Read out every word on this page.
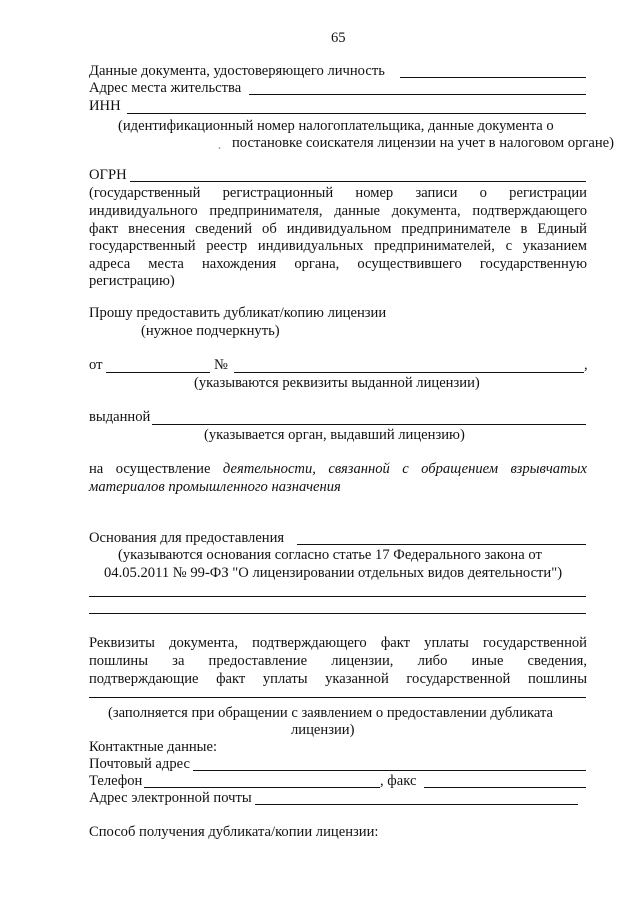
65
Данные документа, удостоверяющего личность
Адрес места жительства
ИНН
(идентификационный номер налогоплательщика, данные документа о
постановке соискателя лицензии на учет в налоговом органе)
ˎ
ОГРН
(государственный регистрационный номер записи о регистрации
индивидуального предпринимателя, данные документа, подтверждающего
факт внесения сведений об индивидуальном предпринимателе в Единый
государственный реестр индивидуальных предпринимателей, с указанием
адреса места нахождения органа, осуществившего государственную
регистрацию)
Прошу предоставить дубликат/копию лицензии
(нужное подчеркнуть)
от	№	,
(указываются реквизиты выданной лицензии)
выданной
(указывается орган, выдавший лицензию)
на осуществление деятельности, связанной с обращением взрывчатых
материалов промышленного назначения
Основания для предоставления
(указываются основания согласно статье 17 Федерального закона от
04.05.2011 № 99-ФЗ "О лицензировании отдельных видов деятельности")
Реквизиты документа, подтверждающего факт уплаты государственной
пошлины за предоставление лицензии, либо иные сведения,
подтверждающие факт уплаты указанной государственной пошлины
(заполняется при обращении с заявлением о предоставлении дубликата
лицензии)
Контактные данные:
Почтовый адрес
Телефон	, факс
Адрес электронной почты
Способ получения дубликата/копии лицензии:
